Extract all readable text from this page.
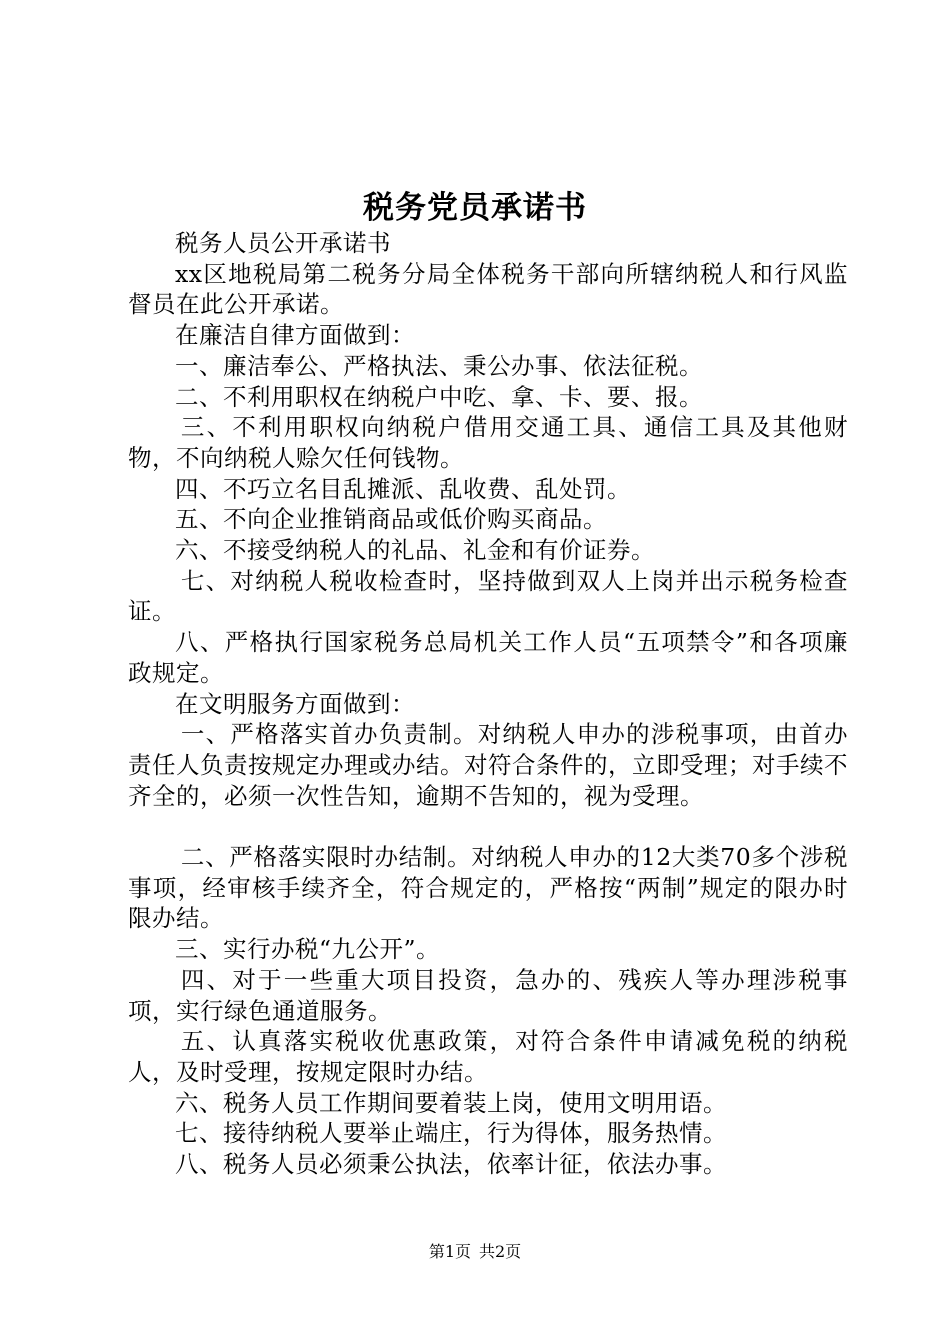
税务党员承诺书

税务人员公开承诺书

xx区地税局第二税务分局全体税务干部向所辖纳税人和行风监督员在此公开承诺。

在廉洁自律方面做到：

一、廉洁奉公、严格执法、秉公办事、依法征税。

二、不利用职权在纳税户中吃、拿、卡、要、报。

三、不利用职权向纳税户借用交通工具、通信工具及其他财物，不向纳税人赊欠任何钱物。

四、不巧立名目乱摊派、乱收费、乱处罚。

五、不向企业推销商品或低价购买商品。

六、不接受纳税人的礼品、礼金和有价证券。

七、对纳税人税收检查时，坚持做到双人上岗并出示税务检查证。

八、严格执行国家税务总局机关工作人员“五项禁令”和各项廉政规定。

在文明服务方面做到：

一、严格落实首办负责制。对纳税人申办的涉税事项，由首办责任人负责按规定办理或办结。对符合条件的，立即受理；对手续不齐全的，必须一次性告知，逾期不告知的，视为受理。

二、严格落实限时办结制。对纳税人申办的12大类70多个涉税事项，经审核手续齐全，符合规定的，严格按“两制”规定的限办时限办结。

三、实行办税“九公开”。

四、对于一些重大项目投资，急办的、残疾人等办理涉税事项，实行绿色通道服务。

五、认真落实税收优惠政策，对符合条件申请减免税的纳税人，及时受理，按规定限时办结。

六、税务人员工作期间要着装上岗，使用文明用语。

七、接待纳税人要举止端庄，行为得体，服务热情。

八、税务人员必须秉公执法，依率计征，依法办事。

第1页 共2页
